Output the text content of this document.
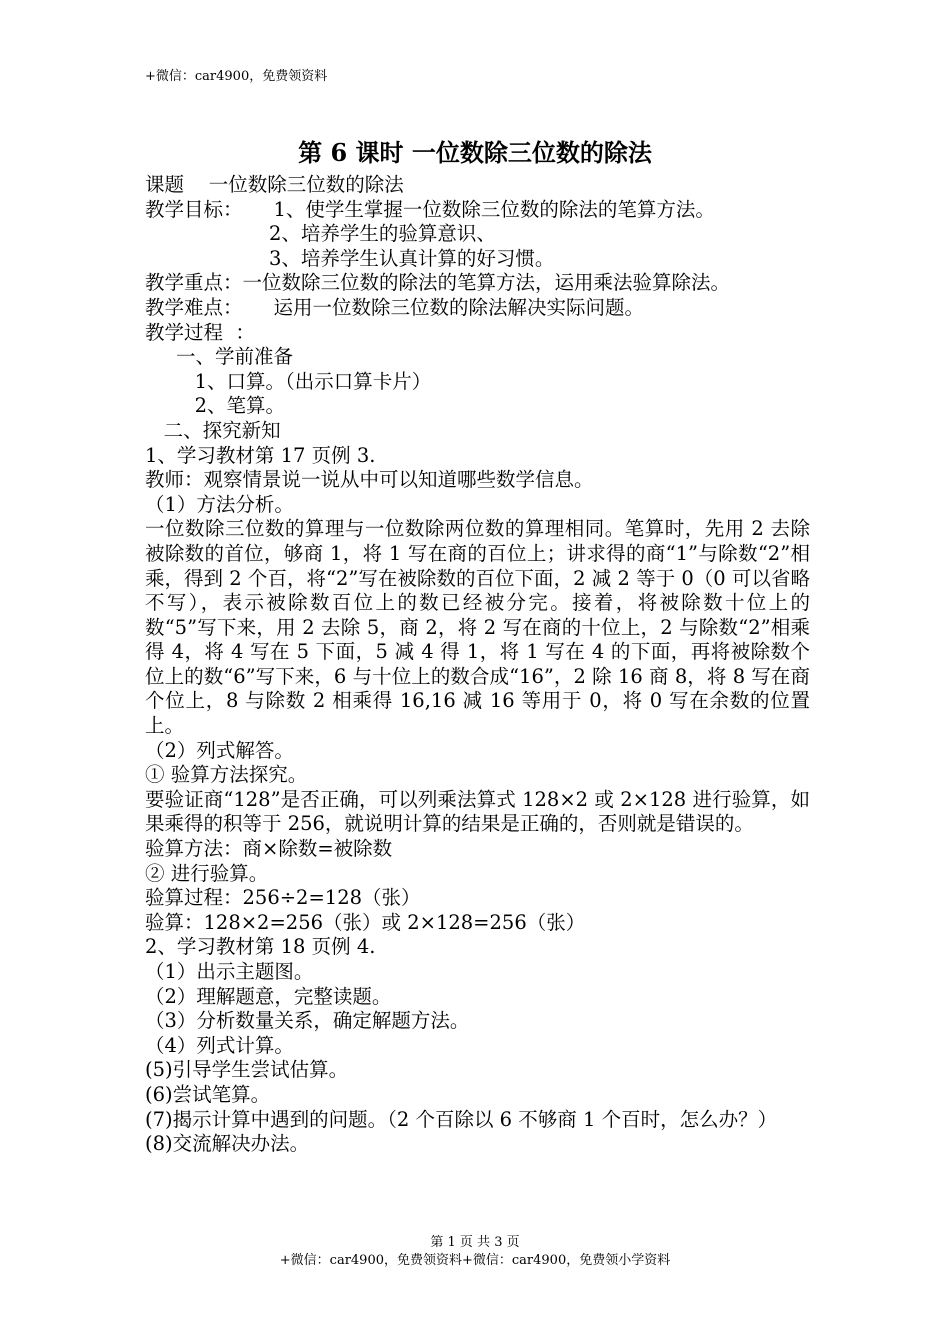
+微信：car4900，免费领资料
第 6 课时 一位数除三位数的除法
课题    一位数除三位数的除法
教学目标：     1、使学生掌握一位数除三位数的除法的笔算方法。
2、培养学生的验算意识、
3、培养学生认真计算的好习惯。
教学重点：一位数除三位数的除法的笔算方法，运用乘法验算除法。
教学难点：     运用一位数除三位数的除法解决实际问题。
教学过程  ：
一、学前准备
1、口算。（出示口算卡片）
2、笔算。
二、探究新知
1、学习教材第 17 页例 3.
教师：观察情景说一说从中可以知道哪些数学信息。
（1）方法分析。
一位数除三位数的算理与一位数除两位数的算理相同。笔算时，先用 2 去除被除数的首位，够商 1，将 1 写在商的百位上；讲求得的商“1”与除数“2”相乘，得到 2 个百，将“2”写在被除数的百位下面，2 减 2 等于 0（0 可以省略不写），表示被除数百位上的数已经被分完。接着，将被除数十位上的数“5”写下来，用 2 去除 5，商 2，将 2 写在商的十位上，2 与除数“2”相乘得 4，将 4 写在 5 下面，5 减 4 得 1，将 1 写在 4 的下面，再将被除数个位上的数“6”写下来，6 与十位上的数合成“16”，2 除 16 商 8，将 8 写在商个位上，8 与除数 2 相乘得 16,16 减 16 等用于 0，将 0 写在余数的位置上。
（2）列式解答。
① 验算方法探究。
要验证商“128”是否正确，可以列乘法算式 128×2 或 2×128 进行验算，如果乘得的积等于 256，就说明计算的结果是正确的，否则就是错误的。
验算方法：商×除数=被除数
② 进行验算。
验算过程：256÷2=128（张）
验算：128×2=256（张）或 2×128=256（张）
2、学习教材第 18 页例 4.
（1）出示主题图。
（2）理解题意，完整读题。
（3）分析数量关系，确定解题方法。
（4）列式计算。
(5)引导学生尝试估算。
(6)尝试笔算。
(7)揭示计算中遇到的问题。（2 个百除以 6 不够商 1 个百时，怎么办？）
(8)交流解决办法。
第 1 页 共 3 页
+微信：car4900，免费领资料+微信：car4900，免费领小学资料
